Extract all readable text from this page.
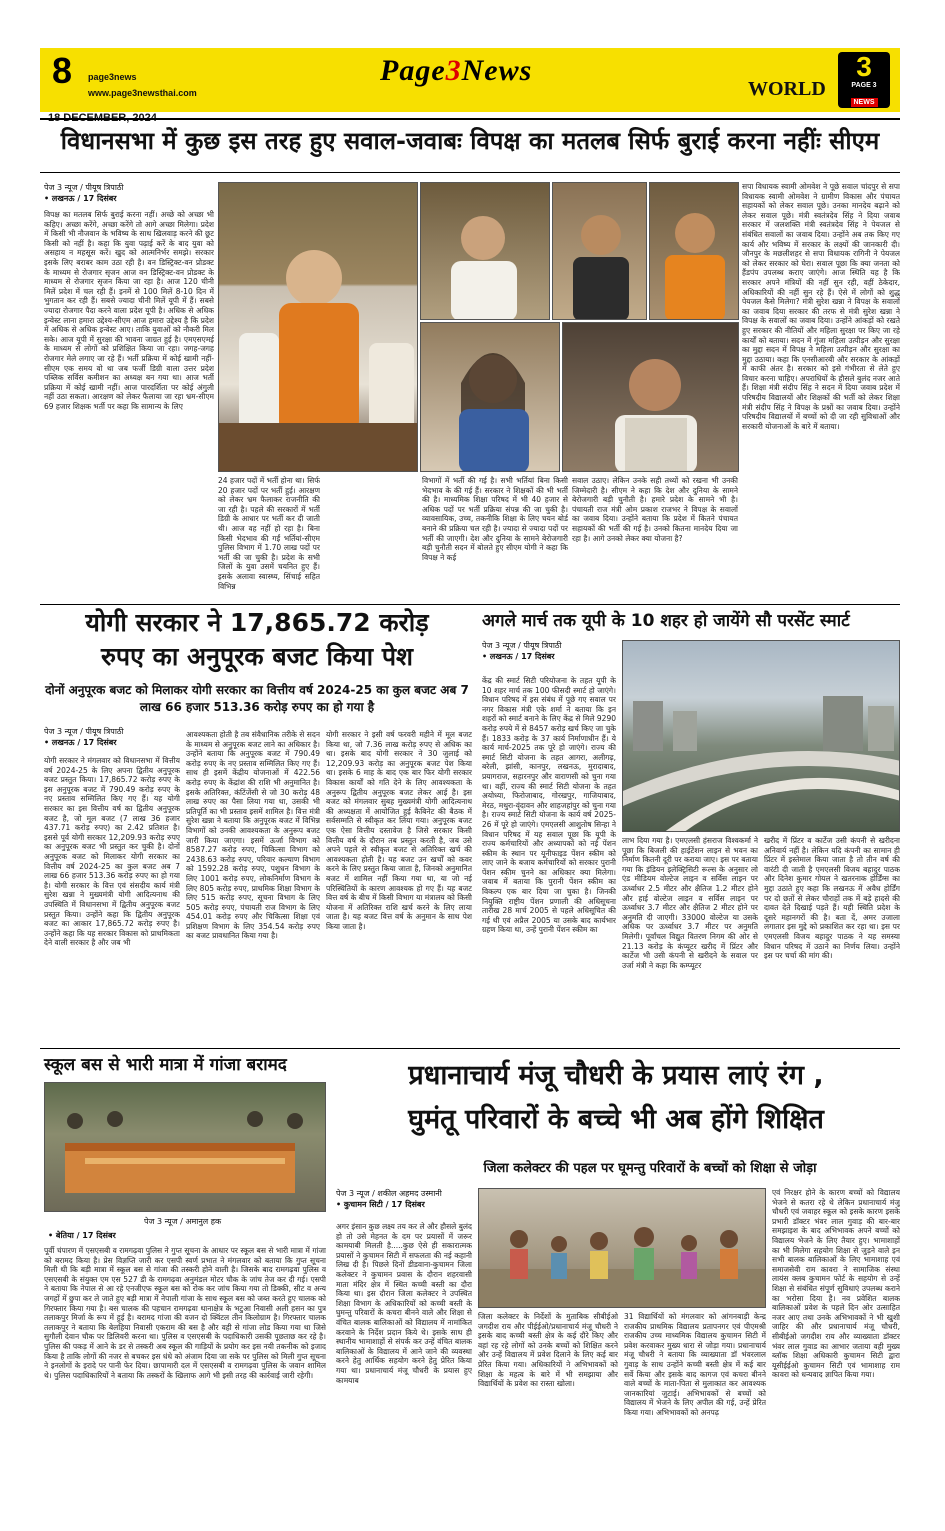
8 page3news
www.page3newsthai.com
Page3News
WORLD
3
PAGE 3
NEWS
18 DECEMBER, 2024
विधानसभा में कुछ इस तरह हुए सवाल-जवाबः विपक्ष का मतलब सिर्फ बुराई करना नहींः सीएम
पेज 3 न्यूज / पीयूष त्रिपाठी
• लखनऊ / 17 दिसंबर
विपक्ष का मतलब सिर्फ बुराई करना नहीं। अच्छे को अच्छा भी कहिए। अच्छा करेंगे, अच्छा करेंगे तो आगे अच्छा मिलेगा। प्रदेश में किसी भी नौजवान के भविष्य के साथ खिलवाड़ करने की छूट किसी को नहीं है। कहा कि युवा पढ़ाई करें के बाद युवा को असहाय न महसूस करें। खुद को आत्मनिर्भर समझे। सरकार इसके लिए बराबर काम उठा रही है। वन डिस्ट्रिक्ट-वन प्रोडक्ट के माध्यम से रोजगार सृजन आज वन डिस्ट्रिक्ट-वन प्रोडक्ट के माध्यम से रोजगार सृजन किया जा रहा है। आज 120 चीनी मिलें प्रदेश में चल रही हैं। इनमें से 100 मिलें 8-10 दिन में भुगतान कर रही हैं। सबसे ज्यादा चीनी मिलें यूपी में हैं। सबसे ज्यादा रोजगार पैदा करने वाला प्रदेश यूपी है। अधिक से अधिक इन्वेस्ट लाना हमारा उद्देश्य-सीएम आज हमारा उद्देश्य है कि प्रदेश में अधिक से अधिक इन्वेस्ट आए। ताकि युवाओं को नौकरी मिल सके। आज यूपी में सुरक्षा की भावना जाग्रत हुई है। एमएसएमई के माध्यम से लोगों को प्रशिक्षित किया जा रहा। जगह-जगह रोजगार मेले लगाए जा रहे हैं। भर्ती प्रक्रिया में कोई खामी नहीं-सीएम एक समय वो था जब फर्जी डिग्री वाला उत्तर प्रदेश पब्लिक सर्विस कमीशन का अध्यक्ष बन गया था। आज भर्ती प्रक्रिया में कोई खामी नहीं। आज पारदर्शिता पर कोई अंगुली नहीं उठा सकता। आरक्षण को लेकर फैलाया जा रहा भ्रम-सीएम 69 हजार शिक्षक भर्ती पर कहा कि सामान्य के लिए
24 हजार पदों में भर्ती होना था। सिर्फ 20 हजार पदों पर भर्ती हुई। आरक्षण को लेकर भ्रम फैलाकर राजनीति की जा रही है। पहले की सरकारों में भर्ती डिग्री के आधार पर भर्ती कर दी जाती थी। आज वह नहीं हो रहा है। बिना किसी भेदभाव की गईं भर्तियां-सीएम पुलिस विभाग में 1.70 लाख पदों पर भर्ती की जा चुकी है। प्रदेश के सभी जिलों के युवा उसमें चयनित हुए हैं। इसके अलावा स्वास्थ्य, सिंचाई सहित विभिन्न
विभागों में भर्ती की गई है। सभी भर्तियां बिना किसी भेदभाव के की गई हैं। सरकार ने शिक्षकों की भी भर्ती की है। माध्यमिक शिक्षा परिषद में भी 40 हजार से अधिक पदों पर भर्ती प्रक्रिया संपन्न की जा चुकी है। व्यावसायिक, उच्च, तकनीकि शिक्षा के लिए चयन बोर्ड बनाने की प्रक्रिया चल रही है। ज्यादा से ज्यादा पदों पर भर्ती की जाएगी। देश और दुनिया के सामने बेरोजगारी बड़ी चुनौती सदन में बोलते हुए सीएम योगी ने कहा कि विपक्ष ने कई
सवाल उठाए। लेकिन उनके सही तथ्यों को रखना भी उनकी जिम्मेदारी है। सीएम ने कहा कि देश और दुनिया के सामने बेरोजगारी बड़ी चुनौती है। हमारे प्रदेश के सामने भी है। पंचायती राज मंत्री ओम प्रकाश राजभर ने विपक्ष के सवालों का जवाब दिया। उन्होंने बताया कि प्रदेश में कितने पंचायत सहायकों की भर्ती की गई है। उनको कितना मानदेय दिया जा रहा है। आगे उनको लेकर क्या योजना है?
सपा विधायक स्वामी ओमवेश ने पूछे सवाल चांदपुर से सपा विधायक स्वामी ओमवेश ने ग्रामीण विकास और पंचायत सहायकों को लेकर सवाल पूछे। उनका मानदेय बढ़ाने को लेकर सवाल पूछे। मंत्री स्वतंत्रदेव सिंह ने दिया जवाब सरकार में जलशक्ति मंत्री स्वतंत्रदेव सिंह ने पेयजल से संबंधित सवालों का जवाब दिया। उन्होंने अब तक किए गए कार्य और भविष्य में सरकार के लक्ष्यों की जानकारी दी। जौनपुर के मछलीशहर से सपा विधायक रागिनी ने पेयजल को लेकर सरकार को घेरा। सवाल पूछा कि क्या जनता को हैंडपंप उपलब्ध कराए जाएंगे। आज स्थिति यह है कि सरकार अपने मंत्रियों की नहीं सुन रही, वहीं ठेकेदार, अधिकारियों की नहीं सुन रहे हैं। ऐसे में लोगों को शुद्ध पेयजल कैसे मिलेगा? मंत्री सुरेश खन्ना ने विपक्ष के सवालों का जवाब दिया सरकार की तरफ से मंत्री सुरेश खन्ना ने विपक्ष के सवालों का जवाब दिया। उन्होंने आंकड़ों को रखते हुए सरकार की नीतियों और महिला सुरक्षा पर किए जा रहे कार्यों को बताया। सदन में गूंजा महिला उत्पीड़न और सुरक्षा का मुद्दा सदन में विपक्ष ने महिला उत्पीड़न और सुरक्षा का मुद्दा उठाया। कहा कि एनसीआरबी और सरकार के आंकड़ों में काफी अंतर है। सरकार को इसे गंभीरता से लेते हुए विचार करना चाहिए। अपराधियों के हौसले बुलंद नजर आते हैं। शिक्षा मंत्री संदीप सिंह ने सदन में दिया जवाब प्रदेश में परिषदीय विद्यालयों और शिक्षकों की भर्ती को लेकर शिक्षा मंत्री संदीप सिंह ने विपक्ष के प्रश्नों का जवाब दिया। उन्होंने परिषदीय विद्यालयों में बच्चों को दी जा रही सुविधाओं और सरकारी योजनाओं के बारे में बताया।
योगी सरकार ने 17,865.72 करोड़
रुपए का अनुपूरक बजट किया पेश
दोनों अनुपूरक बजट को मिलाकर योगी सरकार का वित्तीय वर्ष 2024-25 का कुल बजट अब 7 लाख 66 हजार 513.36 करोड़ रुपए का हो गया है
पेज 3 न्यूज / पीयूष त्रिपाठी
• लखनऊ / 17 दिसंबर
योगी सरकार ने मंगलवार को विधानसभा में वित्तीय वर्ष 2024-25 के लिए अपना द्वितीय अनुपूरक बजट प्रस्तुत किया। 17,865.72 करोड़ रुपए के इस अनुपूरक बजट में 790.49 करोड़ रुपए के नए प्रस्ताव सम्मिलित किए गए हैं। यह योगी सरकार का इस वित्तीय वर्ष का द्वितीय अनुपूरक बजट है, जो मूल बजट (7 लाख 36 हजार 437.71 करोड़ रुपए) का 2.42 प्रतिशत है। इससे पूर्व योगी सरकार 12,209.93 करोड़ रुपए का अनुपूरक बजट भी प्रस्तुत कर चुकी है। दोनों अनुपूरक बजट को मिलाकर योगी सरकार का वित्तीय वर्ष 2024-25 का कुल बजट अब 7 लाख 66 हजार 513.36 करोड़ रुपए का हो गया है। योगी सरकार के वित्त एवं संसदीय कार्य मंत्री सुरेश खन्ना ने मुख्यमंत्री योगी आदित्यनाथ की उपस्थिति में विधानसभा में द्वितीय अनुपूरक बजट प्रस्तुत किया। उन्होंने कहा कि द्वितीय अनुपूरक बजट का आकार 17,865.72 करोड़ रुपए है। उन्होंने कहा कि यह सरकार विकास को प्राथमिकता देने वाली सरकार है और जब भी
आवश्यकता होती है तब संवैधानिक तरीके से सदन के माध्यम से अनुपूरक बजट लाने का अधिकार है। उन्होंने बताया कि अनुपूरक बजट में 790.49 करोड़ रुपए के नए प्रस्ताव सम्मिलित किए गए हैं। साथ ही इसमें केंद्रीय योजनाओं में 422.56 करोड़ रुपए के केंद्रांश की राशि भी अनुमानित है। इसके अतिरिक्त, कंटिंजेंसी से जो 30 करोड़ 48 लाख रुपए का पैसा लिया गया था, उसकी भी प्रतिपूर्ति का भी प्रस्ताव इसमें शामिल है। वित्त मंत्री सुरेश खन्ना ने बताया कि अनुपूरक बजट में विभिन्न विभागों को उनकी आवश्यकता के अनुरूप बजट जारी किया जाएगा। इसमें ऊर्जा विभाग को 8587.27 करोड़ रुपए, चिकित्सा विभाग को 2438.63 करोड़ रुपए, परिवार कल्याण विभाग को 1592.28 करोड़ रुपए, पशुधन विभाग के लिए 1001 करोड़ रुपए, लोकनिर्माण विभाग के लिए 805 करोड़ रुपए, प्राथमिक शिक्षा विभाग के लिए 515 करोड़ रुपए, सूचना विभाग के लिए 505 करोड़ रुपए, पंचायती राज विभाग के लिए 454.01 करोड़ रुपए और चिकित्सा शिक्षा एवं प्रशिक्षण विभाग के लिए 354.54 करोड़ रुपए का बजट प्रावधानित किया गया है।
योगी सरकार ने इसी वर्ष फरवरी महीने में मूल बजट किया था, जो 7.36 लाख करोड़ रुपए से अधिक का था। इसके बाद योगी सरकार ने 30 जुलाई को 12,209.93 करोड़ का अनुपूरक बजट पेश किया था। इसके 6 माह के बाद एक बार फिर योगी सरकार विकास कार्यों को गति देने के लिए आवश्यकता के अनुरूप द्वितीय अनुपूरक बजट लेकर आई है। इस बजट को मंगलवार सुबह मुख्यमंत्री योगी आदित्यनाथ की अध्यक्षता में आयोजित हुई कैबिनेट की बैठक में सर्वसम्मति से स्वीकृत कर लिया गया। अनुपूरक बजट एक ऐसा वित्तीय दस्तावेज है जिसे सरकार किसी वित्तीय वर्ष के दौरान तब प्रस्तुत करती है, जब उसे अपने पहले से स्वीकृत बजट से अतिरिक्त खर्च की आवश्यकता होती है। यह बजट उन खर्चों को कवर करने के लिए प्रस्तुत किया जाता है, जिनको अनुमानित बजट में शामिल नहीं किया गया था, या जो नई परिस्थितियों के कारण आवश्यक हो गए हैं। यह बजट वित्त वर्ष के बीच में किसी विभाग या मंत्रालय को किसी योजना में अतिरिक्त राशि खर्च करने के लिए लाया जाता है। यह बजट वित्त वर्ष के अनुमान के साथ पेश किया जाता है।
अगले मार्च तक यूपी के 10 शहर हो जायेंगे सौ परसेंट स्मार्ट
पेज 3 न्यूज / पीयूष त्रिपाठी
• लखनऊ / 17 दिसंबर
केंद्र की स्मार्ट सिटी परियोजना के तहत यूपी के 10 शहर मार्च तक 100 फीसदी स्मार्ट हो जाएंगे। विधान परिषद में इस संबंध में पूछे गए सवाल पर नगर विकास मंत्री एके शर्मा ने बताया कि इन शहरों को स्मार्ट बनाने के लिए केंद्र से मिले 9290 करोड़ रुपये में से 8457 करोड़ खर्च किए जा चुके हैं। 1833 करोड़ के 37 कार्य निर्माणाधीन हैं। ये कार्य मार्च-2025 तक पूरे हो जाएंगे। राज्य की स्मार्ट सिटी योजना के तहत आगरा, अलीगढ़, बरेली, झांसी, कानपुर, लखनऊ, मुरादाबाद, प्रयागराज, सहारनपुर और वाराणसी को चुना गया था। वहीं, राज्य की स्मार्ट सिटी योजना के तहत अयोध्या, फिरोजाबाद, गोरखपुर, गाजियाबाद, मेरठ, मथुरा-वृंदावन और शाहजहांपुर को चुना गया है। राज्य स्मार्ट सिटी योजना के कार्य वर्ष 2025-26 में पूरे हो जाएंगे। एमएलसी आशुतोष सिन्हा ने विधान परिषद में यह सवाल पूछा कि यूपी के राज्य कर्मचारियों और अध्यापकों को नई पेंशन स्कीम के स्थान पर यूनीफाइड पेंशन स्कीम को लाए जाने के बजाय कर्मचारियों को सरकार पुरानी पेंशन स्कीम चुनने का अधिकार क्या मिलेगा। जवाब में बताया कि पुरानी पेंशन स्कीम का विकल्प एक बार दिया जा चुका है। जिनकी नियुक्ति राष्ट्रीय पेंशन प्रणाली की अधिसूचना तारीख 28 मार्च 2005 से पहले अधिसूचित की गई थी एवं अप्रैल 2005 या उसके बाद कार्यभार ग्रहण किया था, उन्हें पुरानी पेंशन स्कीम का
लाभ दिया गया है। एमएलसी हंसराज विश्वकर्मा ने पूछा कि बिजली की हाईटेंशन लाइन से भवन का निर्माण कितनी दूरी पर कराया जाए। इस पर बताया गया कि इंडियन इलेक्ट्रिसिटी रूल्स के अनुसार लो एंड मीडियम वोल्टेज लाइन व सर्विस लाइन पर ऊर्ध्वाधर 2.5 मीटर और क्षैतिज 1.2 मीटर होने और हाई वोल्टेज लाइन व सर्विस लाइन पर ऊर्ध्वाधर 3.7 मीटर और क्षैतिज 2 मीटर होने पर अनुमति दी जाएगी। 33000 वोल्टेज या उसके अधिक पर ऊर्ध्वाधर 3.7 मीटर पर अनुमति मिलेगी। पूर्वांचल विद्युत वितरण निगम की ओर से 21.13 करोड़ के कंप्यूटर खरीद में प्रिंटर और कार्टेज भी उसी कंपनी से खरीदने के सवाल पर उर्जा मंत्री ने कहा कि कम्प्यूटर
खरीद में प्रिंटर व कार्टेज उसी कंपनी से खरीदना अनिवार्य नहीं है। लेकिन यदि कंपनी का सामान ही प्रिंटर में इस्तेमाल किया जाता है तो तीन वर्ष की वारंटी दी जाती है एमएलसी विजय बहादुर पाठक और दिनेश कुमार गोयल ने खतरनाक होर्डिंग्स का मुद्दा उठाते हुए कहा कि लखनऊ में अवैध होर्डिंग पर दो छतों से लेकर चौराहों तक में बड़े हादसे की दावत देते दिखाई पड़ते हैं। यही स्थिति प्रदेश के दूसरे महानगरों की है। बता दें, अमर उजाला लगातार इस मुद्दे को प्रकाशित कर रहा था। इस पर एमएलसी विजय बहादुर पाठक ने यह समस्या विधान परिषद में उठाने का निर्णय लिया। उन्होंने इस पर चर्चा की मांग की।
स्कूल बस से भारी मात्रा में गांजा बरामद
पेज 3 न्यूज / अमानुल हक
• बेतिया / 17 दिसंबर
पूर्वी चंपारण में एसएसबी व रामगढ़वा पुलिस ने गुप्त सूचना के आधार पर स्कूल बस से भारी मात्रा में गांजा को बरामद किया है। प्रेस विज्ञप्ति जारी कर एसपी स्वर्ण प्रभात ने मंगलवार को बताया कि गुप्त सूचना मिली थी कि बड़ी मात्रा में स्कूल बस से गांजा की तस्करी होने वाली है। जिसके बाद रामगढ़वा पुलिस व एसएसबी के संयुक्त एम एस 527 डी के रामगढ़वा अनुमंडल मोटर चौक के जांच तेज कर दी गई। एसपी ने बताया कि नेपाल से आ रहे एनजीएफ स्कूल बस को रोक कर जांच किया गया तो डिक्की, सीट व अन्य जगहों में छुपा कर ले जाते हुए बड़ी मात्रा में नेपाली गांजा के साथ स्कूल बस को जब्त करते हुए चालक को गिरफ्तार किया गया है। बस चालक की पहचान रामगढ़वा थानाक्षेत्र के भटुआ निवासी अली हसन का पुत्र तलाकपुर मिर्जा के रूप में हुई है। बरामद गांजा की वजन दो क्विंटल तीन किलोग्राम है। गिरफ्तार चालक तलाकपुर ने बताया कि बेलहिया निवासी एकराम की बस है और वही से गांजा लोड किया गया था जिसे सुगौली देवान चौक पर डिलिवरी करना था। पुलिस व एसएसबी के पदाधिकारी उसकी पूछताछ कर रहे है। पुलिस की पकड़ में आने के डर से तस्करी अब स्कूल की गाड़ियों के प्रयोग कर इस नयी तकनीक को इजाद किया है ताकि लोगों की नजर से बचकर इस धंधे को अंजाम दिया जा सके पर पुलिस को मिली गुप्त सूचना ने इनलोगों के इरादे पर पानी फेर दिया। छापामारी दल में एसएसबी व रामगढ़वा पुलिस के जवान शामिल थे। पुलिस पदाधिकारियों ने बताया कि तस्करों के खिलाफ आगे भी इसी तरह की कार्रवाई जारी रहेगी।
प्रधानाचार्य मंजू चौधरी के प्रयास लाएं रंग ,
घुमंतू परिवारों के बच्चे भी अब होंगे शिक्षित
जिला कलेक्टर की पहल पर घूमन्तु परिवारों के बच्चों को शिक्षा से जोड़ा
पेज 3 न्यूज / शकील अहमद उस्मानी
• कुचामन सिटी / 17 दिसंबर
अगर इंसान कुछ लक्ष्य तय कर ले और हौसले बुलंद हो तो उसे मेहनत के दम पर प्रयासों में जरूर कामयाबी मिलती है.....कुछ ऐसे ही सकारात्मक प्रयासों ने कुचामन सिटी में सफलता की नई कहानी लिख दी है। पिछले दिनों डीडवाना-कुचामन जिला कलेक्टर ने कुचामन प्रवास के दौरान शहरवासी माता मंदिर क्षेत्र में स्थित कच्ची बस्ती का दौरा किया था। इस दौरान जिला कलेक्टर ने उपस्थित शिक्षा विभाग के अधिकारियों को कच्ची बस्ती के घुमन्तु परिवारों के कचरा बीनने वाले और शिक्षा से वंचित बालक बालिकाओं को विद्यालय में नामांकित करवाने के निर्देश प्रदान किये थे। इसके साथ ही स्थानीय भामाशाहों से संपर्क कर उन्हें वंचित बालक बालिकाओं के विद्यालय में आने जाने की व्यवस्था करने हेतु आर्थिक सहयोग करने हेतु प्रेरित किया गया था। प्रधानाचार्य मंजू चौधरी के प्रयास हुए कामयाब
जिला कलेक्टर के निर्देशों के मुताबिक सीबीईओ जगदीश राय और पीईईओ/प्रधानाचार्य मंजू चौधरी ने इसके बाद कच्ची बस्ती क्षेत्र के कई दौरे किए और वहां रह रहे लोगों को उनके बच्चों को शिक्षित करने और उन्हें विद्यालय में प्रवेश दिलाने के लिए कई बार प्रेरित किया गया। अधिकारियों ने अभिभावकों को शिक्षा के महत्व के बारे में भी समझाया और विद्यार्थियों के प्रवेश का रास्ता खोला।
31 विद्यार्थियों को मंगलवार को आंगनबाड़ी केन्द्र राजकीय प्राथमिक विद्यालय प्रतापनगर एवं पीएमश्री राजकीय उच्च माध्यमिक विद्यालय कुचामन सिटी में प्रवेश करवाकर मुख्य धारा से जोड़ा गया। प्रधानाचार्य मंजू चौधरी ने बताया कि व्याख्याता डॉ भंवरलाल गुवाड़ के साथ उन्होंने कच्ची बस्ती क्षेत्र में कई बार सर्वे किया और इसके बाद कागज एवं कचरा बीनने वाले बच्चों के माता-पिता से मुलाकात कर आवश्यक जानकारियां जुटाई। अभिभावकों से बच्चों को विद्यालय में भेजने के लिए अपील की गई, उन्हें प्रेरित किया गया। अभिभावकों को अनपढ़
एवं निरक्षर होने के कारण बच्चों को विद्यालय भेजने से कतरा रहे थे लेकिन प्रधानाचार्य मंजू चौधरी एवं जवाहर स्कूल को इसके कारण इसके प्रभारी डॉक्टर भंवर लाल गुवाड़ की बार-बार समझाइश के बाद अभिभावक अपने बच्चों को विद्यालय भेजने के लिए तैयार हुए। भामाशाहों का भी मिलेगा सहयोग शिक्षा से जुड़ने वाले इन सभी बालक बालिकाओं के लिए भामाशाह एवं समाजसेवी राम कावरा ने सामाजिक संस्था लायंस क्लब कुचामन फोर्ट के सहयोग से उन्हें शिक्षा से संबंधित संपूर्ण सुविधाएं उपलब्ध कराने का भरोसा दिया है। नव प्रवेशित बालक बालिकाओं प्रवेश के पहले दिन ओर उत्साहित नजर आए तथा उनके अभिभावकों ने भी खुशी जाहिर की और प्रधानाचार्य मंजू चौधरी, सीबीईओ जगदीश राय और व्याख्याता डॉक्टर भंवर लाल गुवाड का आभार जताया वही मुख्य ब्लॉक शिक्षा अधिकारी कुचामन सिटी द्वारा यूसीईईओ कुचामन सिटी एवं भामाशाह राम कावरा को धन्यवाद ज्ञापित किया गया।
